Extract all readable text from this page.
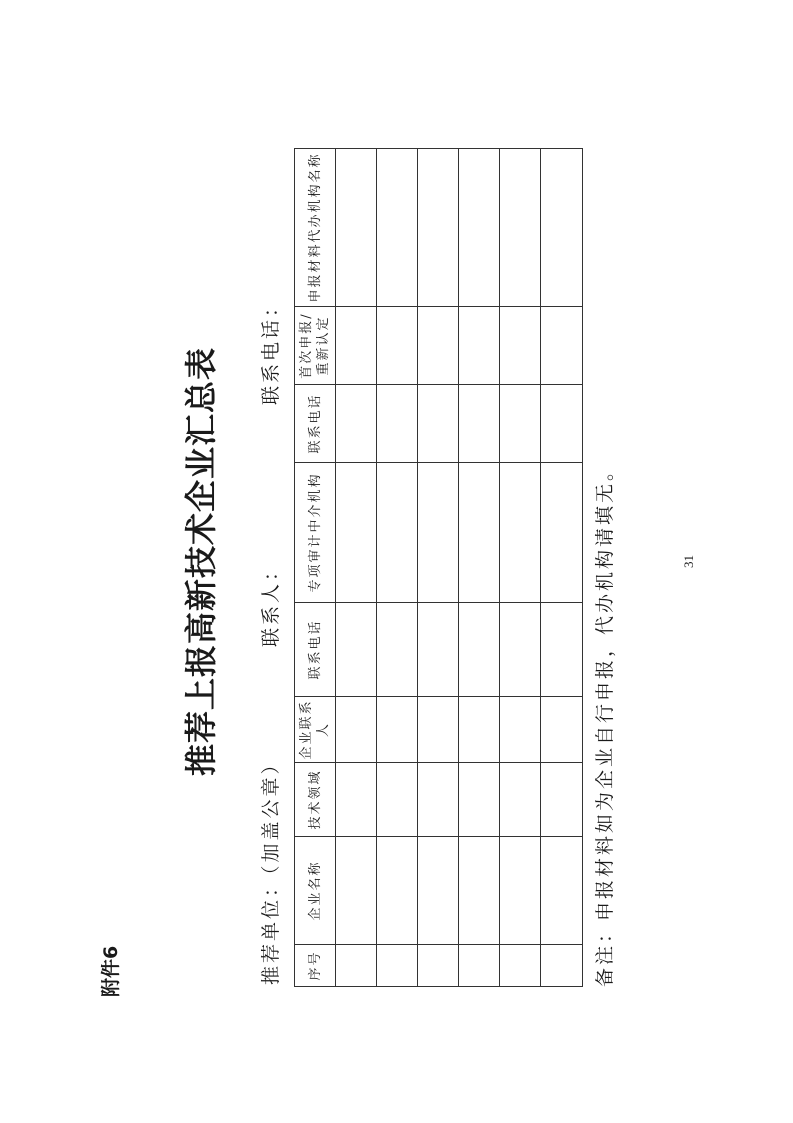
附件6
推荐上报高新技术企业汇总表
推荐单位：（加盖公章）
联系人：
联系电话：
序号	企业名称	技术领域	企业联系人	联系电话	专项审计中介机构	联系电话	首次申报/重新认定	申报材料代办机构名称

备注：申报材料如为企业自行申报，代办机构请填无。	31
